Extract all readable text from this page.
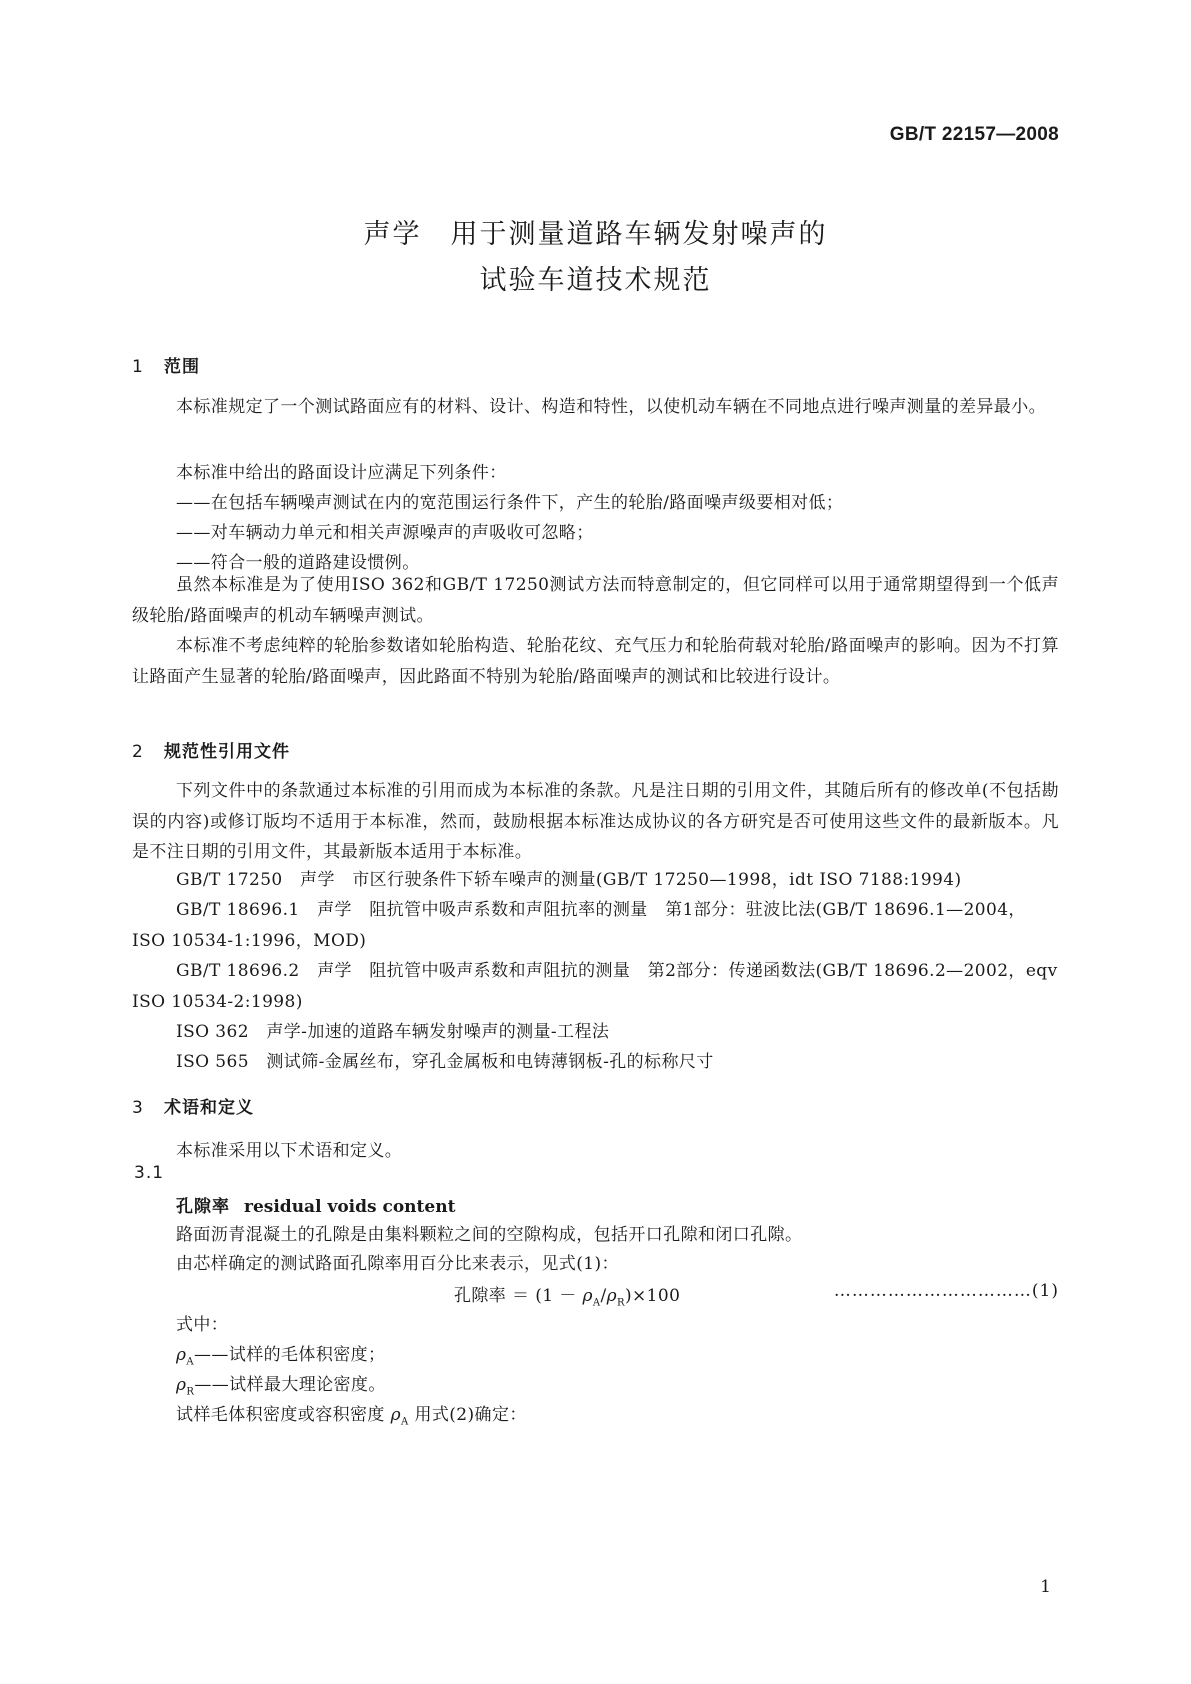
GB/T 22157—2008
声学　用于测量道路车辆发射噪声的
试验车道技术规范
1 范围
本标准规定了一个测试路面应有的材料、设计、构造和特性，以使机动车辆在不同地点进行噪声测量的差异最小。
本标准中给出的路面设计应满足下列条件：
——在包括车辆噪声测试在内的宽范围运行条件下，产生的轮胎/路面噪声级要相对低；
——对车辆动力单元和相关声源噪声的声吸收可忽略；
——符合一般的道路建设惯例。
虽然本标准是为了使用ISO 362和GB/T 17250测试方法而特意制定的，但它同样可以用于通常期望得到一个低声级轮胎/路面噪声的机动车辆噪声测试。
本标准不考虑纯粹的轮胎参数诸如轮胎构造、轮胎花纹、充气压力和轮胎荷载对轮胎/路面噪声的影响。因为不打算让路面产生显著的轮胎/路面噪声，因此路面不特别为轮胎/路面噪声的测试和比较进行设计。
2 规范性引用文件
下列文件中的条款通过本标准的引用而成为本标准的条款。凡是注日期的引用文件，其随后所有的修改单(不包括勘误的内容)或修订版均不适用于本标准，然而，鼓励根据本标准达成协议的各方研究是否可使用这些文件的最新版本。凡是不注日期的引用文件，其最新版本适用于本标准。
GB/T 17250 声学　市区行驶条件下轿车噪声的测量(GB/T 17250—1998，idt ISO 7188:1994)
GB/T 18696.1 声学　阻抗管中吸声系数和声阻抗率的测量　第1部分：驻波比法(GB/T 18696.1—2004，ISO 10534-1:1996，MOD)
GB/T 18696.2 声学　阻抗管中吸声系数和声阻抗的测量　第2部分：传递函数法(GB/T 18696.2—2002，eqv ISO 10534-2:1998)
ISO 362 声学-加速的道路车辆发射噪声的测量-工程法
ISO 565 测试筛-金属丝布，穿孔金属板和电铸薄钢板-孔的标称尺寸
3 术语和定义
本标准采用以下术语和定义。
3.1
孔隙率 residual voids content
路面沥青混凝土的孔隙是由集料颗粒之间的空隙构成，包括开口孔隙和闭口孔隙。
由芯样确定的测试路面孔隙率用百分比来表示，见式(1)：
孔隙率 ＝ $(1 - \rho_A/\rho_R)\times 100$	……………………………(1)
式中：
$\rho_A——$试样的毛体积密度；
$\rho_R——$试样最大理论密度。
试样毛体积密度或容积密度 $\rho_A$ 用式(2)确定：
1
